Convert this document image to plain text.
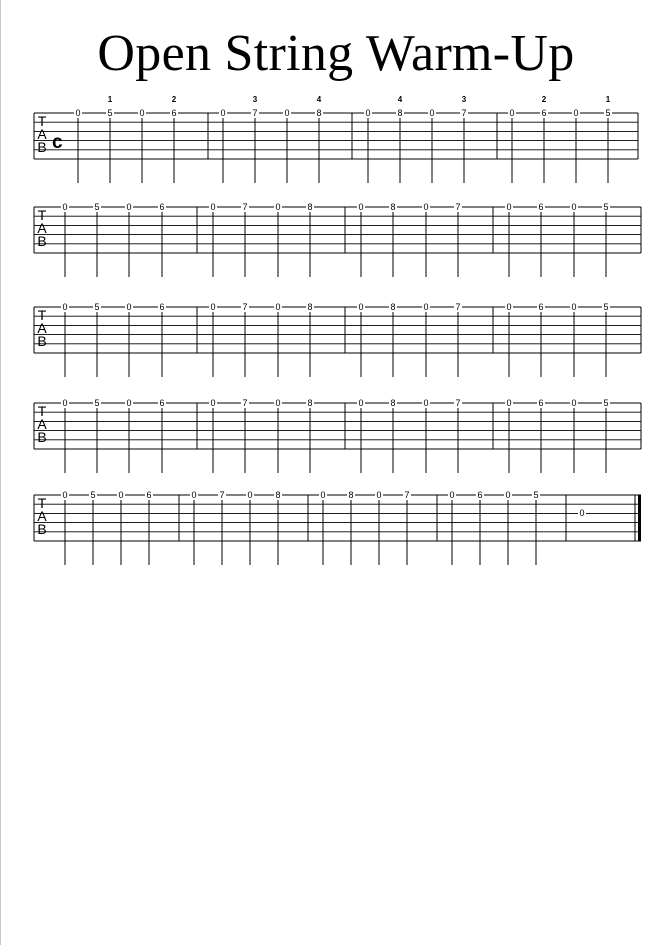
Open String Warm-Up
T
A
B c
0	5	0	6	0	7	0	8	0	8	0	7	0	6	0	5
1	2	3	4	4	3	2	1
T
A
B
0	5	0	6	0	7	0	8	0	8	0	7	0	6	0	5
T
A
B
0	5	0	6	0	7	0	8	0	8	0	7	0	6	0	5
T
A
B
0	5	0	6	0	7	0	8	0	8	0	7	0	6	0	5
T
A
B
0	5	0	6	0	7	0	8	0	8	0	7	0	6	0	5
0
